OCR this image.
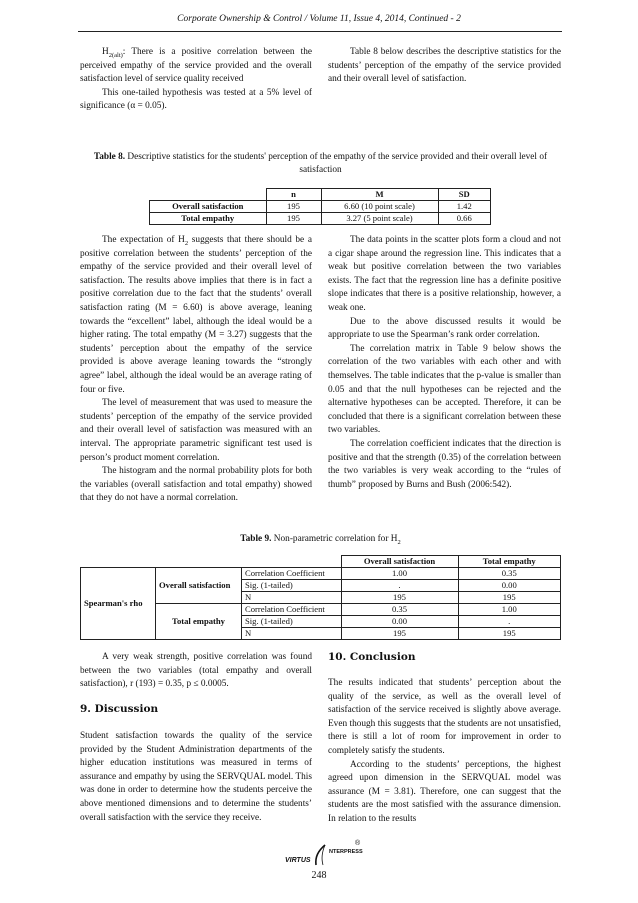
Corporate Ownership & Control / Volume 11, Issue 4, 2014, Continued - 2

$H_{2(alt)}$: There is a positive correlation between the perceived empathy of the service provided and the overall satisfaction level of service quality received

This one-tailed hypothesis was tested at a 5% level of significance (α = 0.05).

Table 8 below describes the descriptive statistics for the students’ perception of the empathy of the service provided and their overall level of satisfaction.

Table 8. Descriptive statistics for the students' perception of the empathy of the service provided and their overall level of satisfaction
	n	M	SD
Overall satisfaction	195	6.60 (10 point scale)	1.42
Total empathy	195	3.27 (5 point scale)	0.66

The expectation of $H_2$ suggests that there should be a positive correlation between the students’ perception of the empathy of the service provided and their overall level of satisfaction. The results above implies that there is in fact a positive correlation due to the fact that the students’ overall satisfaction rating (M = 6.60) is above average, leaning towards the “excellent” label, although the ideal would be a higher rating. The total empathy (M = 3.27) suggests that the students’ perception about the empathy of the service provided is above average leaning towards the “strongly agree” label, although the ideal would be an average rating of four or five.

The level of measurement that was used to measure the students’ perception of the empathy of the service provided and their overall level of satisfaction was measured with an interval. The appropriate parametric significant test used is person’s product moment correlation.

The histogram and the normal probability plots for both the variables (overall satisfaction and total empathy) showed that they do not have a normal correlation.

The data points in the scatter plots form a cloud and not a cigar shape around the regression line. This indicates that a weak but positive correlation between the two variables exists. The fact that the regression line has a definite positive slope indicates that there is a positive relationship, however, a weak one.

Due to the above discussed results it would be appropriate to use the Spearman’s rank order correlation.

The correlation matrix in Table 9 below shows the correlation of the two variables with each other and with themselves. The table indicates that the p-value is smaller than 0.05 and that the null hypotheses can be rejected and the alternative hypotheses can be accepted. Therefore, it can be concluded that there is a significant correlation between these two variables.

The correlation coefficient indicates that the direction is positive and that the strength (0.35) of the correlation between the two variables is very weak according to the “rules of thumb” proposed by Burns and Bush (2006:542).

Table 9. Non-parametric correlation for $H_2$
			Overall satisfaction	Total empathy
Spearman's rho	Overall satisfaction	Correlation Coefficient	1.00	0.35
		Sig. (1-tailed)	.	0.00
		N	195	195
	Total empathy	Correlation Coefficient	0.35	1.00
		Sig. (1-tailed)	0.00	.
		N	195	195

A very weak strength, positive correlation was found between the two variables (total empathy and overall satisfaction), r (193) = 0.35, p ≤ 0.0005.

9. Discussion

Student satisfaction towards the quality of the service provided by the Student Administration departments of the higher education institutions was measured in terms of assurance and empathy by using the SERVQUAL model. This was done in order to determine how the students perceive the above mentioned dimensions and to determine the students’ overall satisfaction with the service they receive.

10. Conclusion

The results indicated that students’ perception about the quality of the service, as well as the overall level of satisfaction of the service received is slightly above average. Even though this suggests that the students are not unsatisfied, there is still a lot of room for improvement in order to completely satisfy the students.

According to the students’ perceptions, the highest agreed upon dimension in the SERVQUAL model was assurance (M = 3.81). Therefore, one can suggest that the students are the most satisfied with the assurance dimension. In relation to the results

VIRTUS
NTERPRESS
®
248
